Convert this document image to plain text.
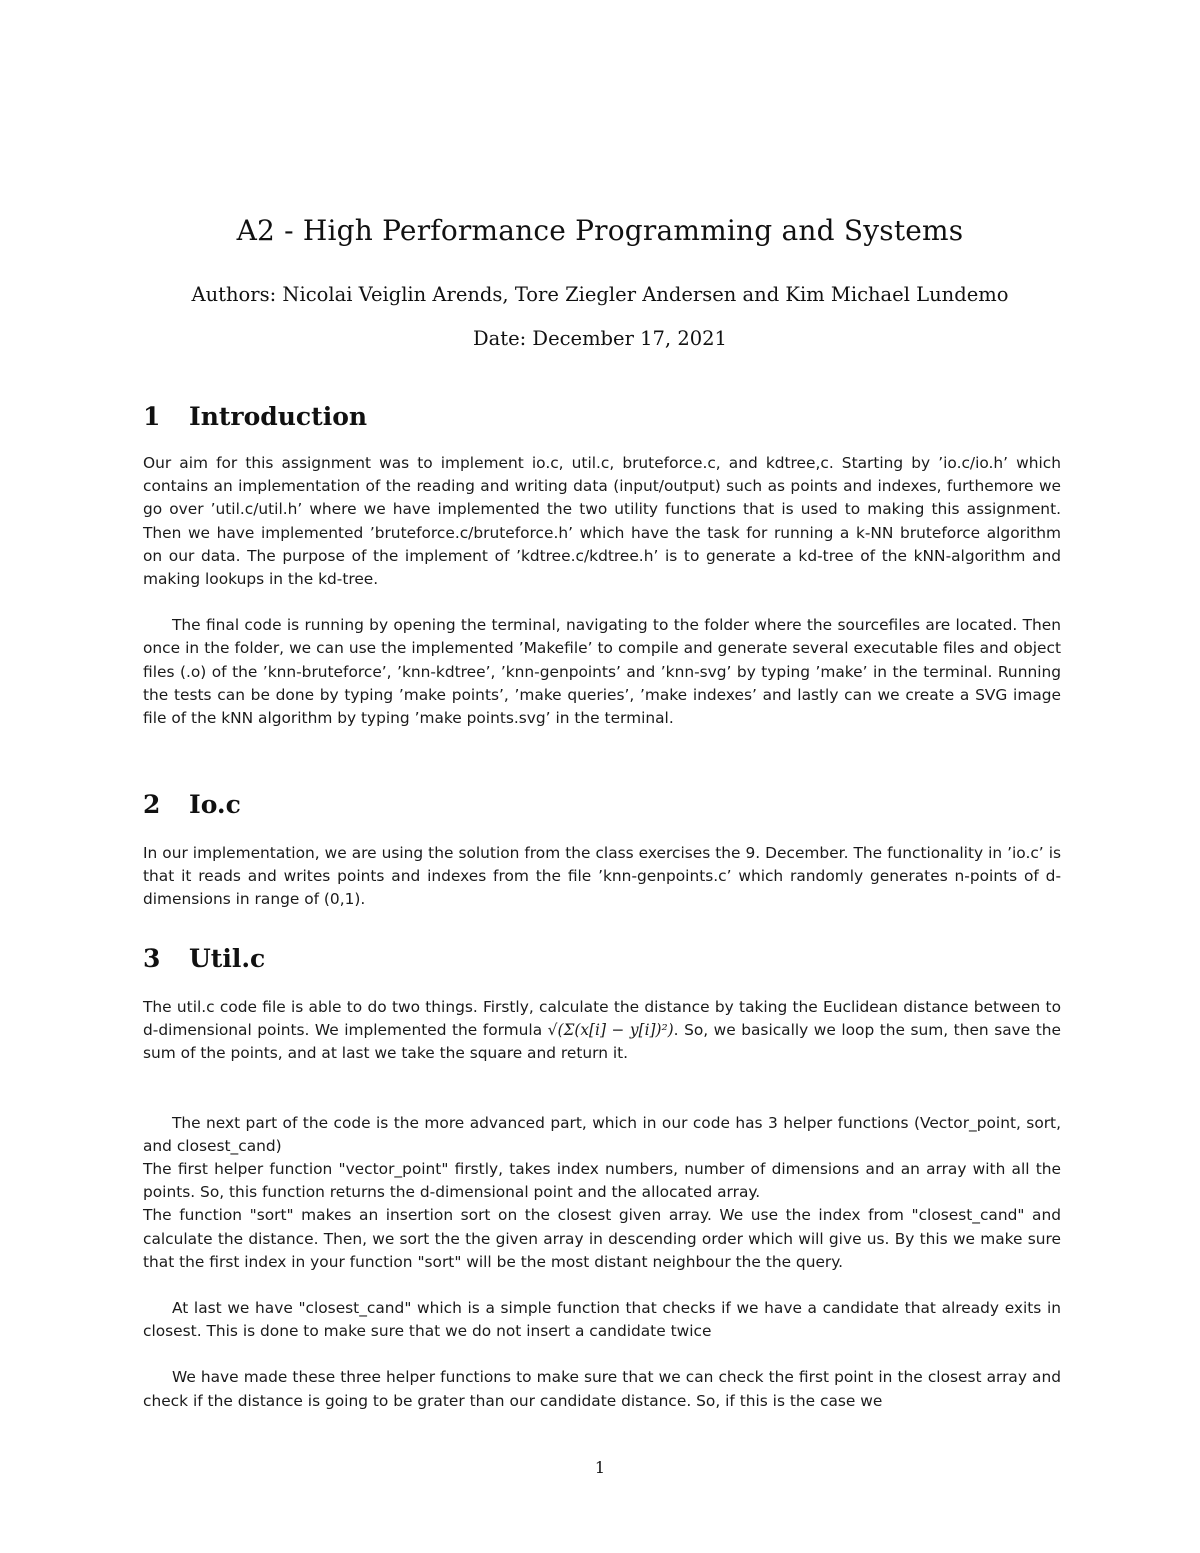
A2 - High Performance Programming and Systems

Authors: Nicolai Veiglin Arends, Tore Ziegler Andersen and Kim Michael Lundemo

Date: December 17, 2021

1 Introduction

Our aim for this assignment was to implement io.c, util.c, bruteforce.c, and kdtree,c. Starting by ’io.c/io.h’ which contains an implementation of the reading and writing data (input/output) such as points and indexes, furthemore we go over ’util.c/util.h’ where we have implemented the two utility functions that is used to making this assignment. Then we have implemented ’bruteforce.c/bruteforce.h’ which have the task for running a k-NN bruteforce algorithm on our data. The purpose of the implement of ’kdtree.c/kdtree.h’ is to generate a kd-tree of the kNN-algorithm and making lookups in the kd-tree.

The final code is running by opening the terminal, navigating to the folder where the sourcefiles are located. Then once in the folder, we can use the implemented ’Makefile’ to compile and generate several executable files and object files (.o) of the ’knn-bruteforce’, ’knn-kdtree’, ’knn-genpoints’ and ’knn-svg’ by typing ’make’ in the terminal. Running the tests can be done by typing ’make points’, ’make queries’, ’make indexes’ and lastly can we create a SVG image file of the kNN algorithm by typing ’make points.svg’ in the terminal.

2 Io.c

In our implementation, we are using the solution from the class exercises the 9. December. The functionality in ’io.c’ is that it reads and writes points and indexes from the file ’knn-genpoints.c’ which randomly generates n-points of d-dimensions in range of (0,1).

3 Util.c

The util.c code file is able to do two things. Firstly, calculate the distance by taking the Euclidean distance between to d-dimensional points. We implemented the formula √(Σ(x[i] − y[i])²). So, we basically we loop the sum, then save the sum of the points, and at last we take the square and return it.

The next part of the code is the more advanced part, which in our code has 3 helper functions (Vector_point, sort, and closest_cand)

The first helper function "vector_point" firstly, takes index numbers, number of dimensions and an array with all the points. So, this function returns the d-dimensional point and the allocated array.

The function "sort" makes an insertion sort on the closest given array. We use the index from "closest_cand" and calculate the distance. Then, we sort the the given array in descending order which will give us. By this we make sure that the first index in your function "sort" will be the most distant neighbour the the query.

At last we have "closest_cand" which is a simple function that checks if we have a candidate that already exits in closest. This is done to make sure that we do not insert a candidate twice

We have made these three helper functions to make sure that we can check the first point in the closest array and check if the distance is going to be grater than our candidate distance. So, if this is the case we

1
